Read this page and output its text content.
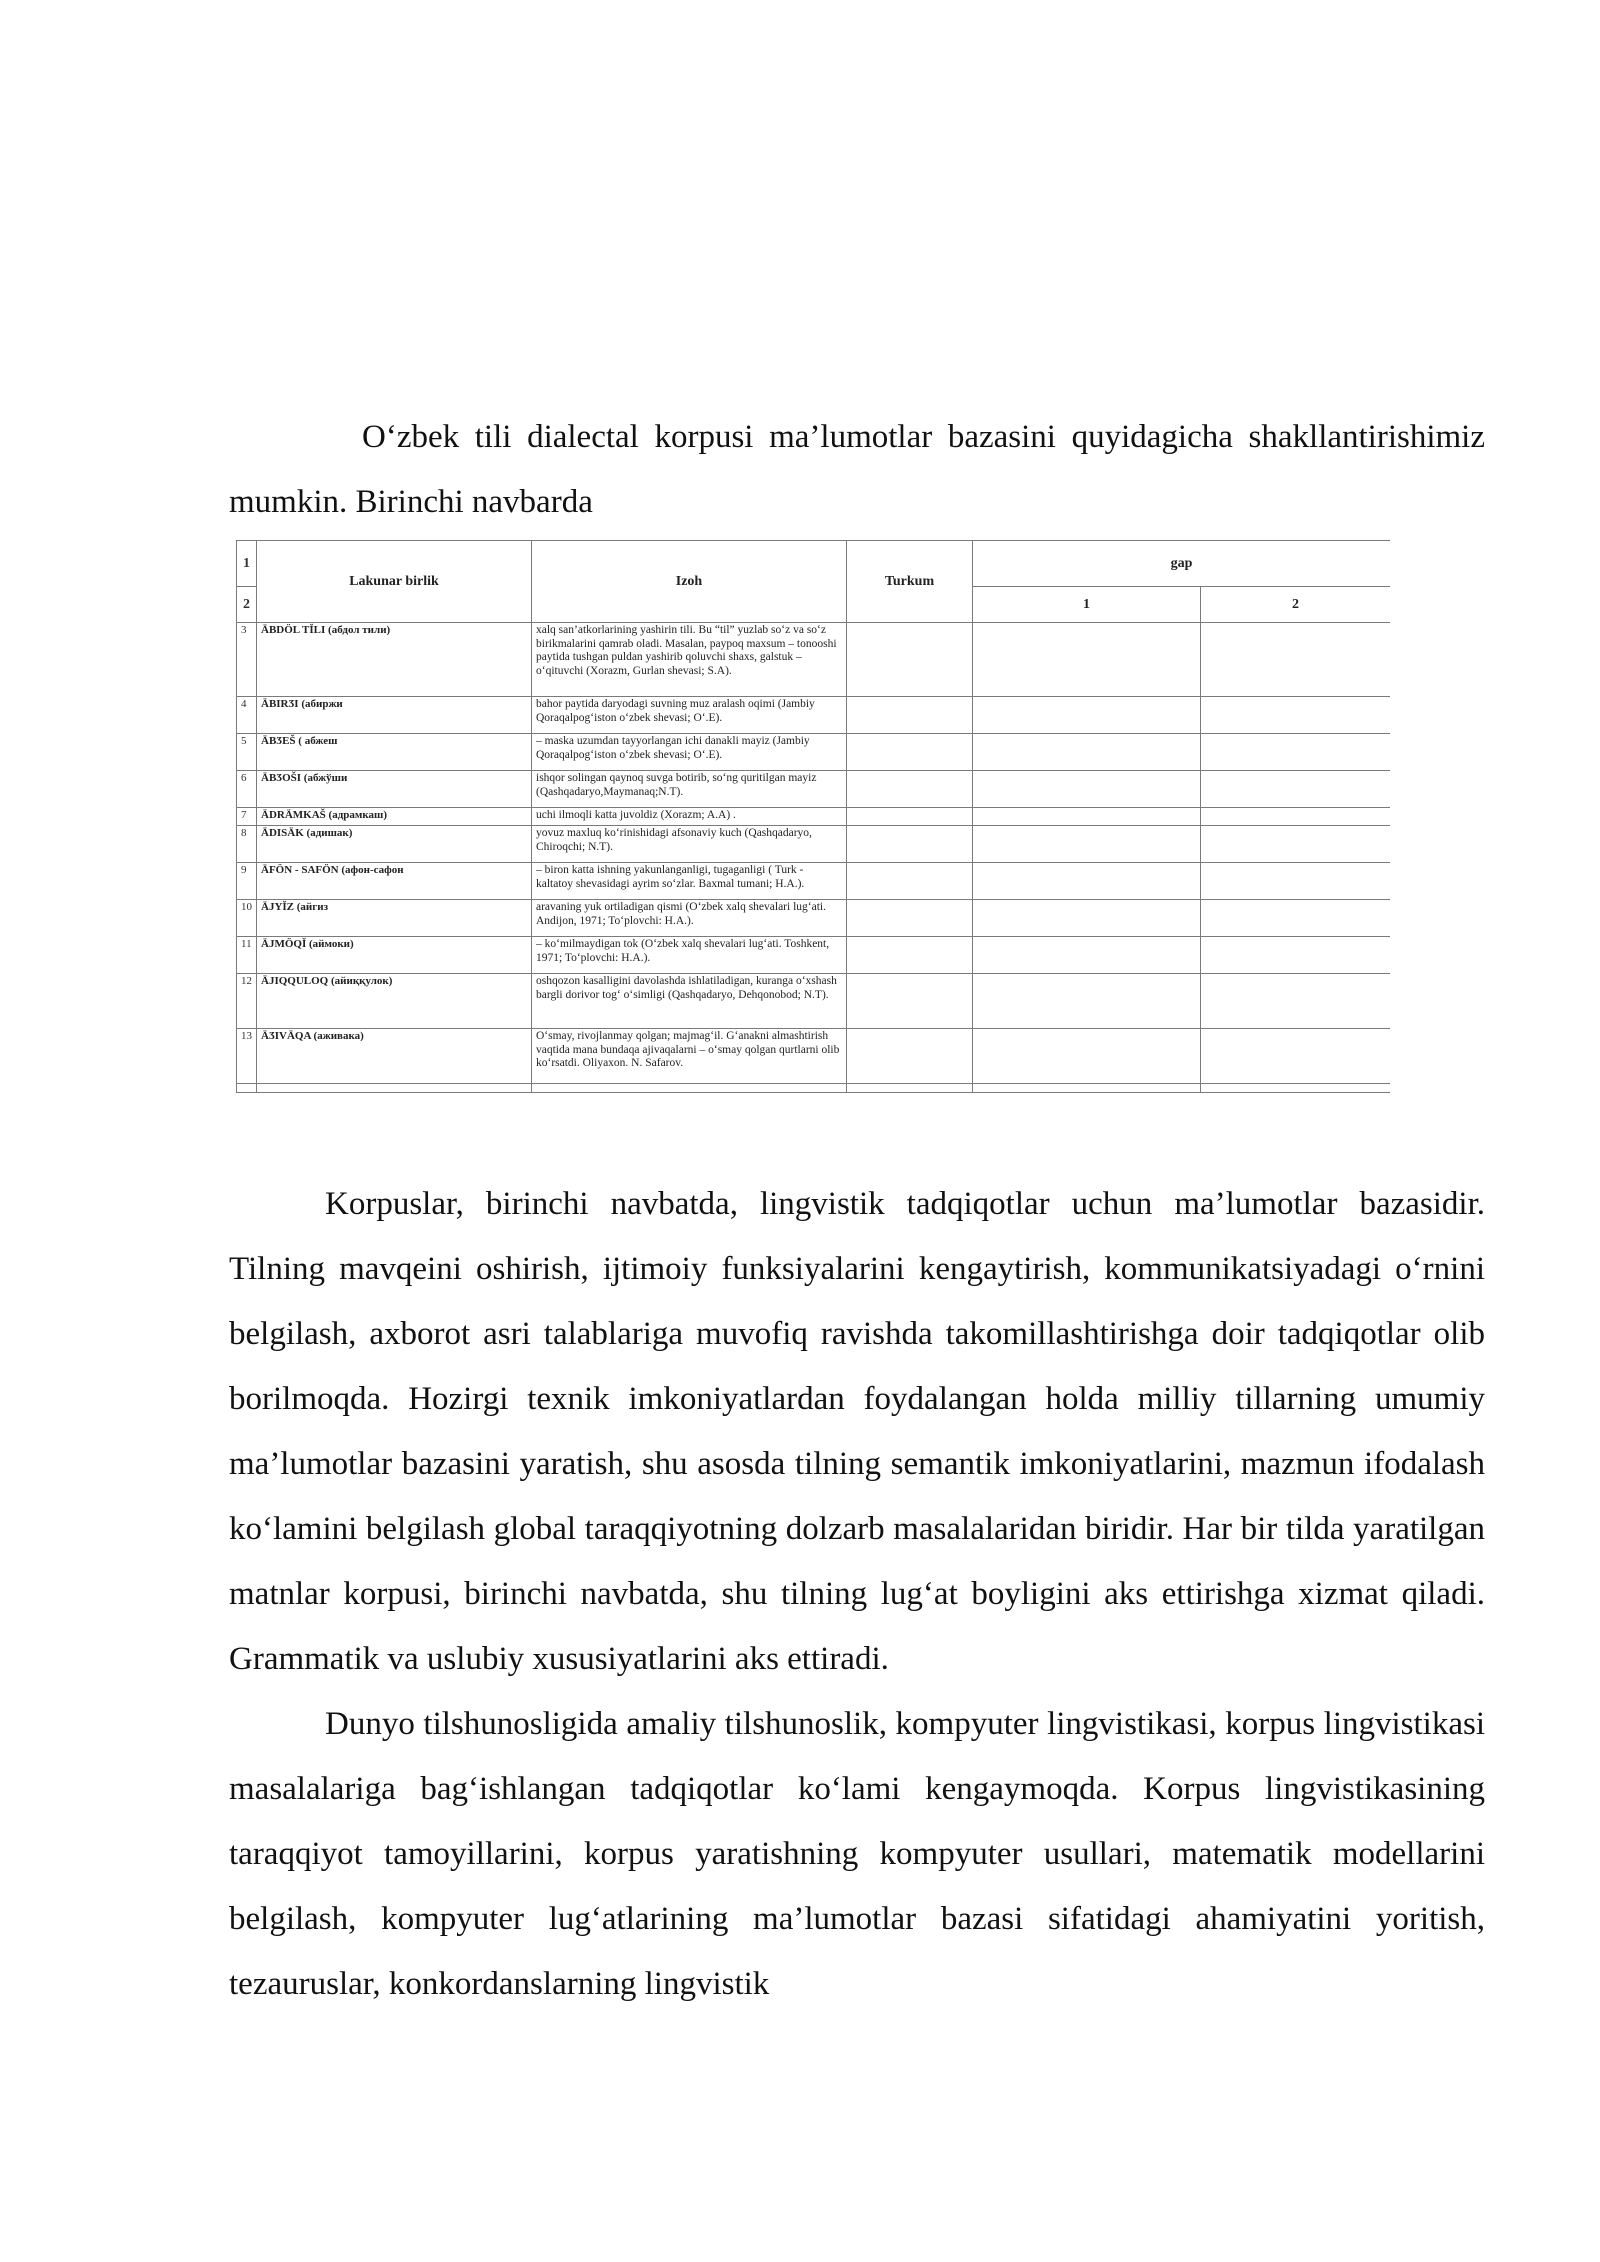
O‘zbek tili dialectal korpusi ma’lumotlar bazasini quyidagicha shakllantirishimiz mumkin. Birinchi navbarda

1	Lakunar birlik	Izoh	Turkum	gap	
2				1	2
3	ÄBDÖL TĬLI (абдол тили)	xalq san’atkorlarining yashirin tili. Bu “til” yuzlab so‘z va so‘z birikmalarini qamrab oladi. Masalan, paypoq maxsum – tonooshi paytida tushgan puldan yashirib qoluvchi shaxs, galstuk – o‘qituvchi (Xorazm, Gurlan shevasi; S.A).			
4	ÄBIRӠI (абиржи	bahor paytida daryodagi suvning muz aralash oqimi (Jambiy Qoraqalpog‘iston o‘zbek shevasi; O‘.E).			
5	ÄBӠEŠ ( абжеш	– maska uzumdan tayyorlangan ichi danakli mayiz (Jambiy Qoraqalpog‘iston o‘zbek shevasi; O‘.E).			
6	ÄBӠOŠI (абжўши	ishqor solingan qaynoq suvga botirib, so‘ng quritilgan mayiz (Qashqadaryo,Maymanaq;N.T).			
7	ÄDRÄMKAŠ (адрамкаш)	uchi ilmoqli katta juvoldiz (Xorazm; A.A) .			
8	ÄDISÄK (адишак)	yovuz maxluq ko‘rinishidagi afsonaviy kuch (Qashqadaryo, Chiroqchi; N.T).			
9	ÄFÖN - SAFÖN (афон-сафон	– biron katta ishning yakunlanganligi, tugaganligi ( Turk - kaltatoy shevasidagi ayrim so‘zlar. Baxmal tumani; H.A.).			
10	ÄJYĬZ (айгиз	aravaning yuk ortiladigan qismi (O‘zbek xalq shevalari lug‘ati. Andijon, 1971; To‘plovchi: H.A.).			
11	ÄJMÖQĬ (аймоки)	– ko‘milmaydigan tok (O‘zbek xalq shevalari lug‘ati. Toshkent, 1971; To‘plovchi: H.A.).			
12	ÄJIQQULOQ (айиққулок)	oshqozon kasalligini davolashda ishlatiladigan, kuranga o‘xshash bargli dorivor tog‘ o‘simligi (Qashqadaryo, Dehqonobod; N.T).			
13	ÄӠIVÄQA (аживака)	O‘smay, rivojlanmay qolgan; majmag‘il. G‘anakni almashtirish vaqtida mana bundaqa ajivaqalarni – o‘smay qolgan qurtlarni olib ko‘rsatdi. Oliyaxon. N. Safarov.			

Korpuslar, birinchi navbatda, lingvistik tadqiqotlar uchun ma’lumotlar bazasidir. Tilning mavqeini oshirish, ijtimoiy funksiyalarini kengaytirish, kommunikatsiyadagi o‘rnini belgilash, axborot asri talablariga muvofiq ravishda takomillashtirishga doir tadqiqotlar olib borilmoqda. Hozirgi texnik imkoniyatlardan foydalangan holda milliy tillarning umumiy ma’lumotlar bazasini yaratish, shu asosda tilning semantik imkoniyatlarini, mazmun ifodalash ko‘lamini belgilash global taraqqiyotning dolzarb masalalaridan biridir. Har bir tilda yaratilgan matnlar korpusi, birinchi navbatda, shu tilning lug‘at boyligini aks ettirishga xizmat qiladi. Grammatik va uslubiy xususiyatlarini aks ettiradi.

Dunyo tilshunosligida amaliy tilshunoslik, kompyuter lingvistikasi, korpus lingvistikasi masalalariga bag‘ishlangan tadqiqotlar ko‘lami kengaymoqda. Korpus lingvistikasining taraqqiyot tamoyillarini, korpus yaratishning kompyuter usullari, matematik modellarini belgilash, kompyuter lug‘atlarining ma’lumotlar bazasi sifatidagi ahamiyatini yoritish, tezauruslar, konkordanslarning lingvistik
